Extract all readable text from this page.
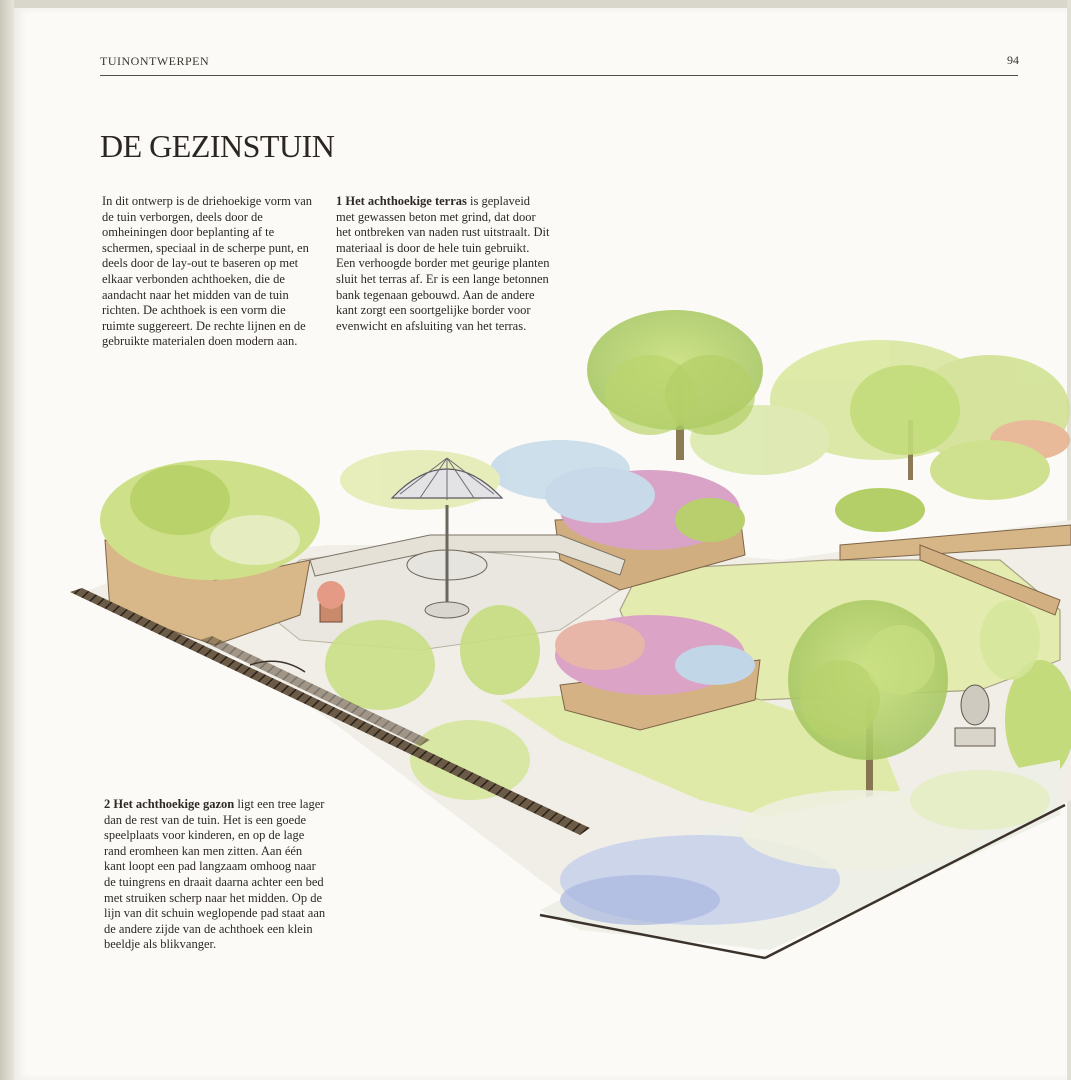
TUINONTWERPEN	94
DE GEZINSTUIN

In dit ontwerp is de driehoekige vorm van de tuin verborgen, deels door de omheiningen door beplanting af te schermen, speciaal in de scherpe punt, en deels door de lay-out te baseren op met elkaar verbonden achthoeken, die de aandacht naar het midden van de tuin richten. De achthoek is een vorm die ruimte suggereert. De rechte lijnen en de gebruikte materialen doen modern aan.

1 Het achthoekige terras is geplaveid met gewassen beton met grind, dat door het ontbreken van naden rust uitstraalt. Dit materiaal is door de hele tuin gebruikt. Een verhoogde border met geurige planten sluit het terras af. Er is een lange betonnen bank tegenaan gebouwd. Aan de andere kant zorgt een soortgelijke border voor evenwicht en afsluiting van het terras.

2 Het achthoekige gazon ligt een tree lager dan de rest van de tuin. Het is een goede speelplaats voor kinderen, en op de lage rand eromheen kan men zitten. Aan één kant loopt een pad langzaam omhoog naar de tuingrens en draait daarna achter een bed met struiken scherp naar het midden. Op de lijn van dit schuin weglopende pad staat aan de andere zijde van de achthoek een klein beeldje als blikvanger.
